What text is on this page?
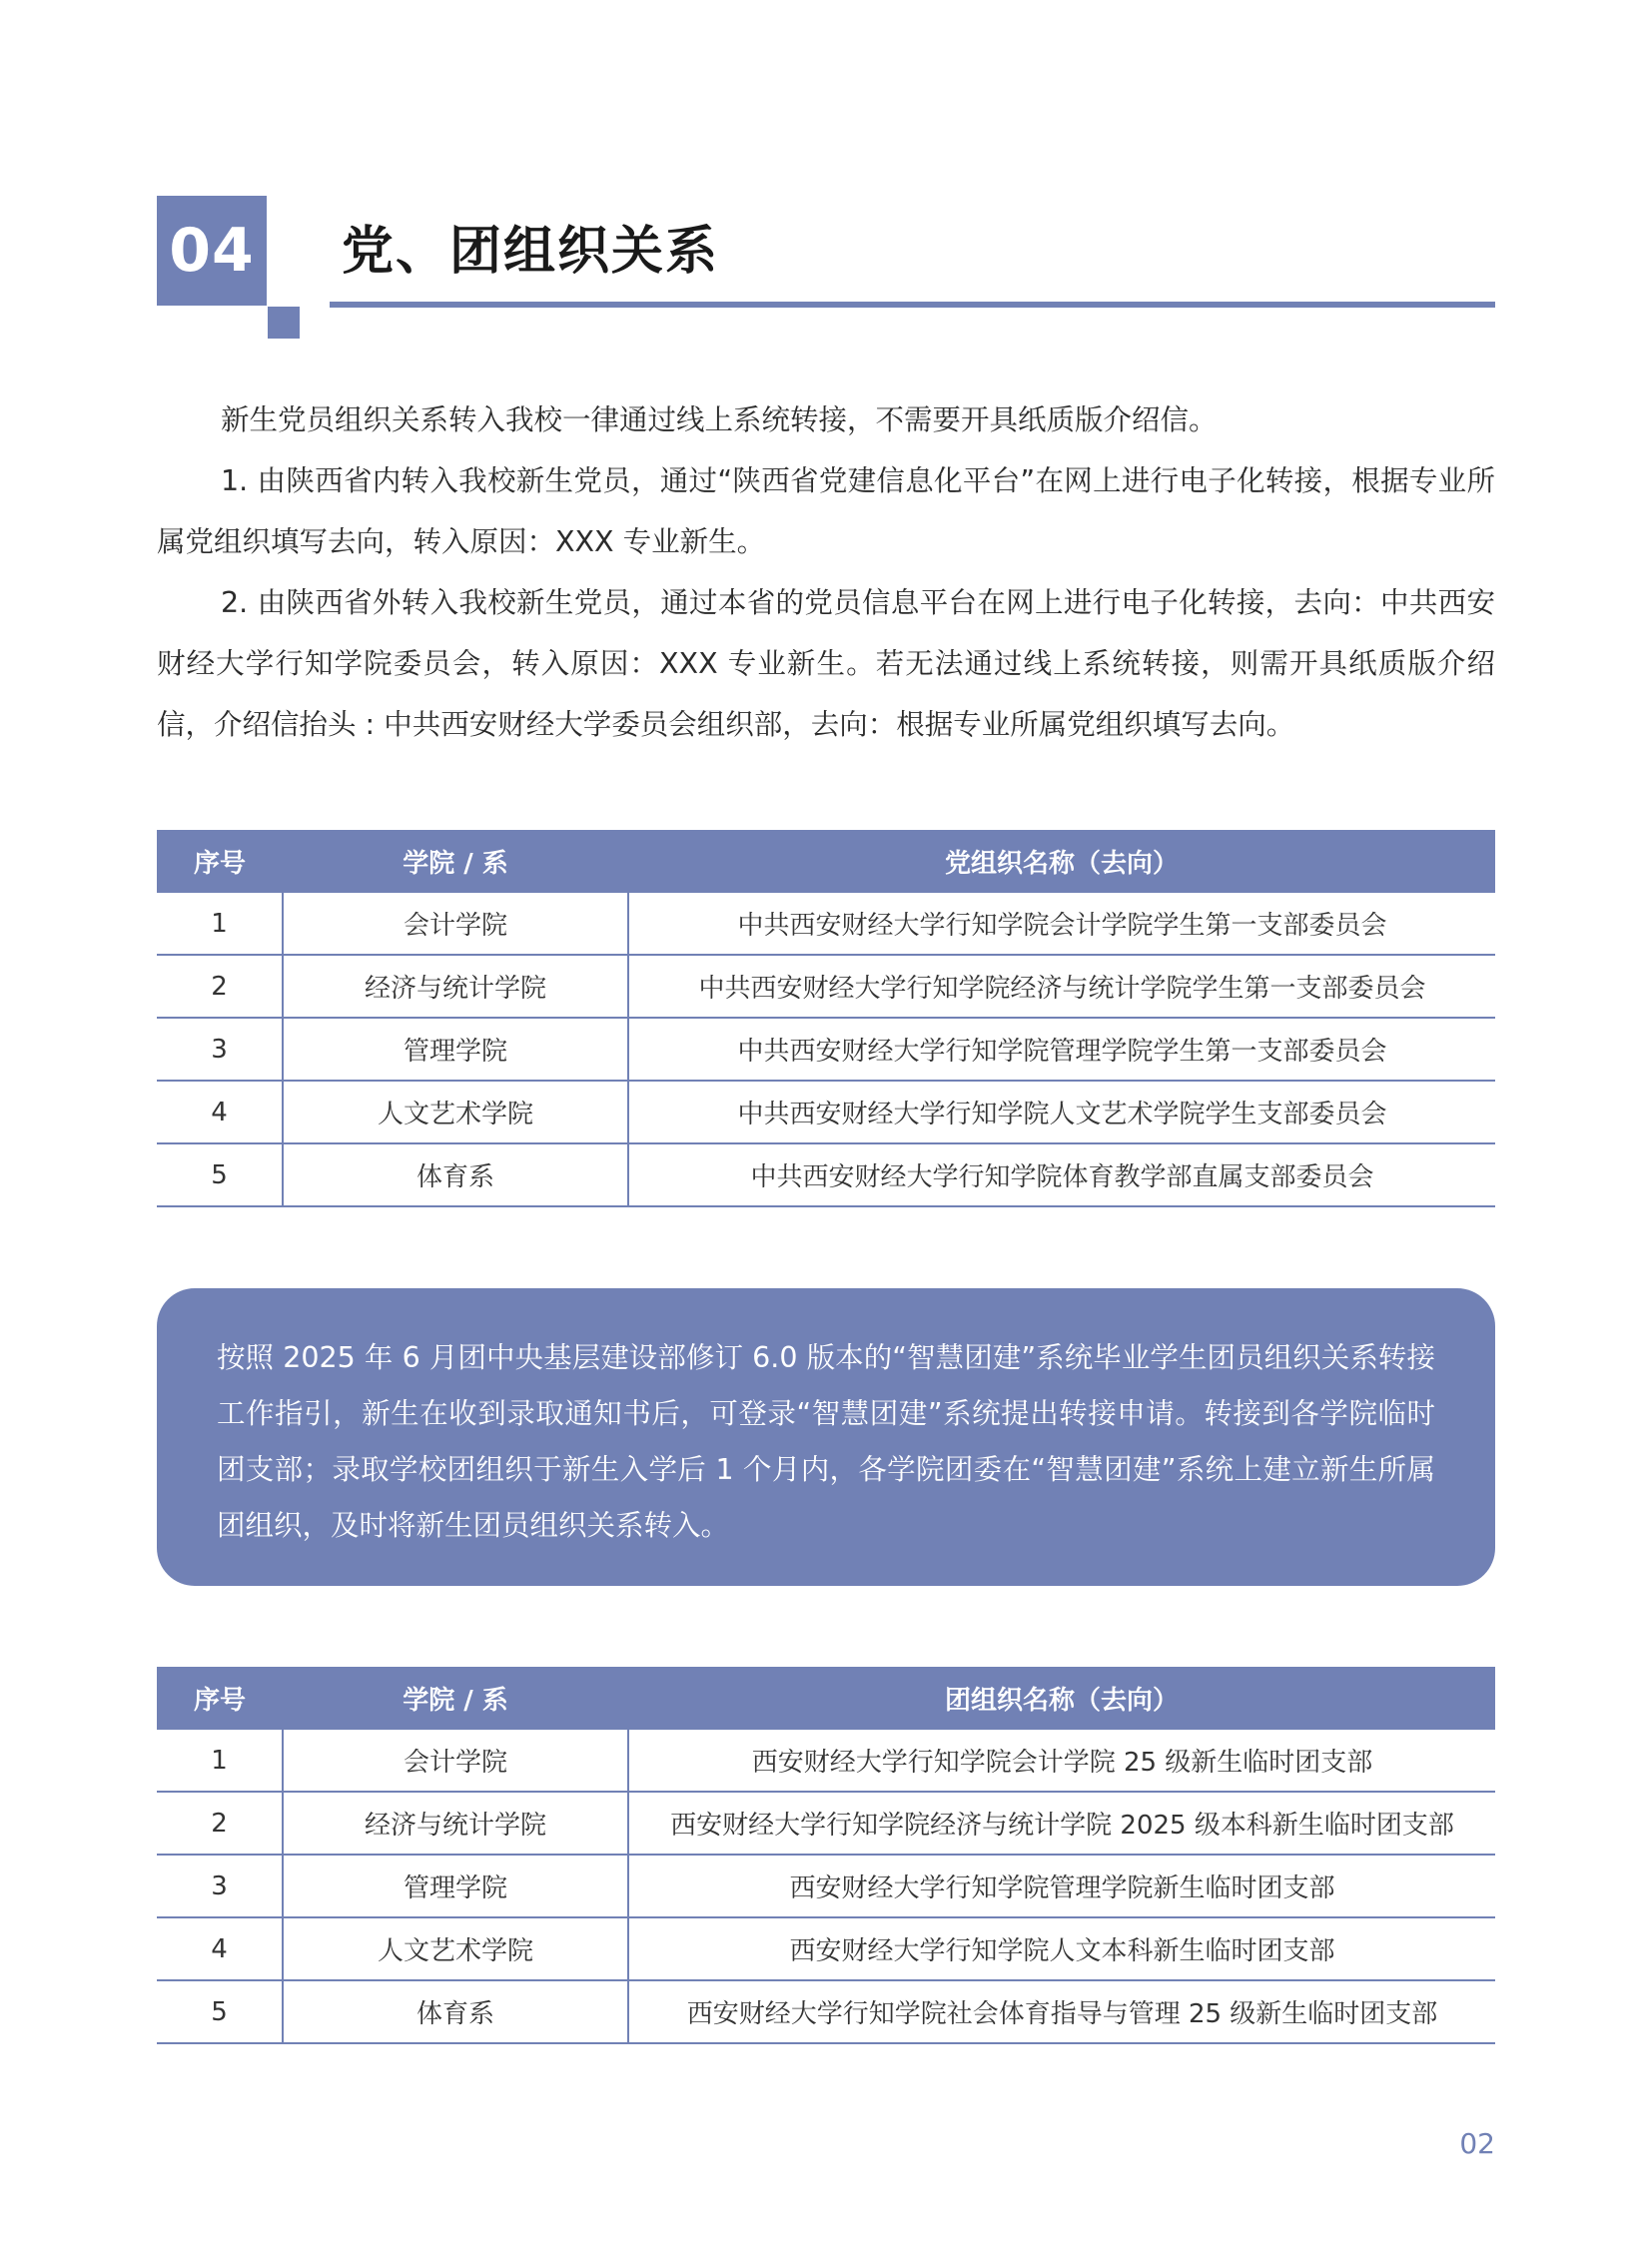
04 党、团组织关系

新生党员组织关系转入我校一律通过线上系统转接，不需要开具纸质版介绍信。

1. 由陕西省内转入我校新生党员，通过“陕西省党建信息化平台”在网上进行电子化转接，根据专业所属党组织填写去向，转入原因：XXX 专业新生。

2. 由陕西省外转入我校新生党员，通过本省的党员信息平台在网上进行电子化转接，去向：中共西安财经大学行知学院委员会，转入原因：XXX 专业新生。若无法通过线上系统转接，则需开具纸质版介绍信，介绍信抬头 : 中共西安财经大学委员会组织部，去向：根据专业所属党组织填写去向。

序号	学院 / 系	党组织名称（去向）
1	会计学院	中共西安财经大学行知学院会计学院学生第一支部委员会
2	经济与统计学院	中共西安财经大学行知学院经济与统计学院学生第一支部委员会
3	管理学院	中共西安财经大学行知学院管理学院学生第一支部委员会
4	人文艺术学院	中共西安财经大学行知学院人文艺术学院学生支部委员会
5	体育系	中共西安财经大学行知学院体育教学部直属支部委员会
按照 2025 年 6 月团中央基层建设部修订 6.0 版本的“智慧团建”系统毕业学生团员组织关系转接工作指引，新生在收到录取通知书后，可登录“智慧团建”系统提出转接申请。转接到各学院临时团支部；录取学校团组织于新生入学后 1 个月内，各学院团委在“智慧团建”系统上建立新生所属团组织，及时将新生团员组织关系转入。
序号	学院 / 系	团组织名称（去向）
1	会计学院	西安财经大学行知学院会计学院 25 级新生临时团支部
2	经济与统计学院	西安财经大学行知学院经济与统计学院 2025 级本科新生临时团支部
3	管理学院	西安财经大学行知学院管理学院新生临时团支部
4	人文艺术学院	西安财经大学行知学院人文本科新生临时团支部
5	体育系	西安财经大学行知学院社会体育指导与管理 25 级新生临时团支部
02
